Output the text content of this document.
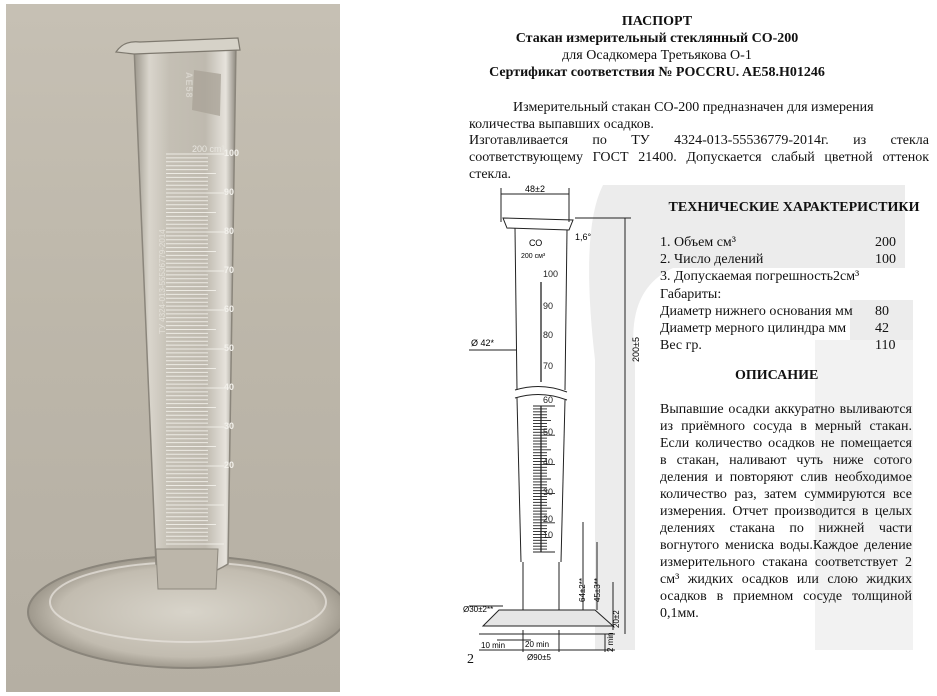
200 cm³
АЕ58
ТУ 4324-013-55536779-2014
100
90
80
70
60
50
40
30
20
ПАСПОРТ
Стакан измерительный стеклянный СО-200
для Осадкомера Третьякова О-1
Сертификат соответствия № POCCRU. AE58.H01246

Измерительный стакан СО-200 предназначен для измерения количества выпавших осадков.

Изготавливается по ТУ 4324-013-55536779-2014г. из стекла соответствующему ГОСТ 21400. Допускается слабый цветной оттенок стекла.

100
90
80
70
60
50
40
30
20
10
48±2
СО
200 см³
1,6°
Ø 42*	200±5
64±2** 45±3**
20±2
Ø30±2**
10 min 20 min	2 min
Ø90±5
ТЕХНИЧЕСКИЕ ХАРАКТЕРИСТИКИ
1. Объем см³	200
2. Число делений	100
3. Допускаемая погрешность2см³
Габариты:
Диаметр нижнего основания мм 80
Диаметр мерного цилиндра мм 42
Вес гр.	110

ОПИСАНИЕ

Выпавшие осадки аккуратно выливаются из приёмного сосуда в мерный стакан. Если количество осадков не помещается в стакан, наливают чуть ниже сотого деления и повторяют слив необходимое количество раз, затем суммируются все измерения. Отчет производится в целых делениях стакана по нижней части вогнутого мениска воды.Каждое деление измерительного стакана соответствует 2 см³ жидких осадков или слою жидких осадков в приемном сосуде толщиной 0,1мм.

2
